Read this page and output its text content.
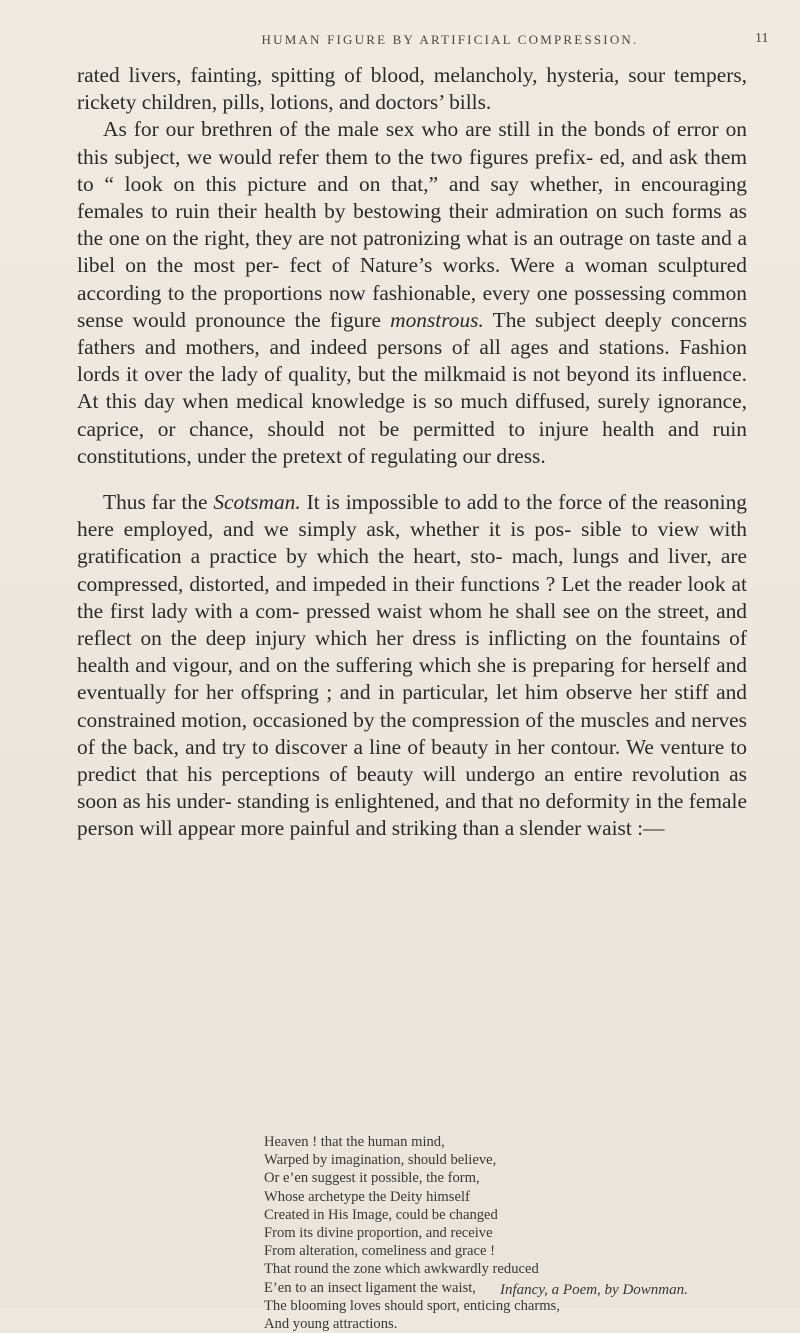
HUMAN FIGURE BY ARTIFICIAL COMPRESSION.	11

rated livers, fainting, spitting of blood, melancholy, hysteria, sour tempers, rickety children, pills, lotions, and doctors’ bills.

As for our brethren of the male sex who are still in the bonds of error on this subject, we would refer them to the two figures prefix- ed, and ask them to “ look on this picture and on that,” and say whether, in encouraging females to ruin their health by bestowing their admiration on such forms as the one on the right, they are not patronizing what is an outrage on taste and a libel on the most per- fect of Nature’s works. Were a woman sculptured according to the proportions now fashionable, every one possessing common sense would pronounce the figure monstrous. The subject deeply concerns fathers and mothers, and indeed persons of all ages and stations. Fashion lords it over the lady of quality, but the milkmaid is not beyond its influence. At this day when medical knowledge is so much diffused, surely ignorance, caprice, or chance, should not be permitted to injure health and ruin constitutions, under the pretext of regulating our dress.

Thus far the Scotsman. It is impossible to add to the force of the reasoning here employed, and we simply ask, whether it is pos- sible to view with gratification a practice by which the heart, sto- mach, lungs and liver, are compressed, distorted, and impeded in their functions ? Let the reader look at the first lady with a com- pressed waist whom he shall see on the street, and reflect on the deep injury which her dress is inflicting on the fountains of health and vigour, and on the suffering which she is preparing for herself and eventually for her offspring ; and in particular, let him observe her stiff and constrained motion, occasioned by the compression of the muscles and nerves of the back, and try to discover a line of beauty in her contour. We venture to predict that his perceptions of beauty will undergo an entire revolution as soon as his under- standing is enlightened, and that no deformity in the female person will appear more painful and striking than a slender waist :—

Heaven ! that the human mind,
Warped by imagination, should believe,
Or e’en suggest it possible, the form,
Whose archetype the Deity himself
Created in His Image, could be changed
From its divine proportion, and receive
From alteration, comeliness and grace !
That round the zone which awkwardly reduced
E’en to an insect ligament the waist,
The blooming loves should sport, enticing charms,
And young attractions.
Infancy, a Poem, by Downman.
